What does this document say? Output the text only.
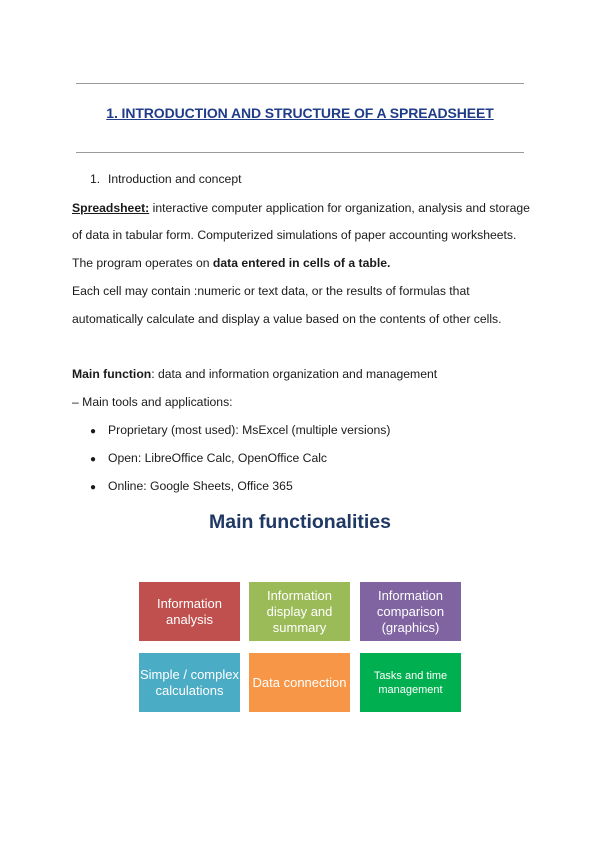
1. INTRODUCTION AND STRUCTURE OF A SPREADSHEET
1. Introduction and concept
Spreadsheet: interactive computer application for organization, analysis and storage
of data in tabular form. Computerized simulations of paper accounting worksheets.
The program operates on data entered in cells of a table.
Each cell may contain :numeric or text data, or the results of formulas that
automatically calculate and display a value based on the contents of other cells.
Main function: data and information organization and management
– Main tools and applications:
● Proprietary (most used): MsExcel (multiple versions)
● Open: LibreOffice Calc, OpenOffice Calc
● Online: Google Sheets, Office 365
Main functionalities
Information analysis
Information display and summary
Information comparison (graphics)
Simple / complex calculations
Data connection	Tasks and time management
